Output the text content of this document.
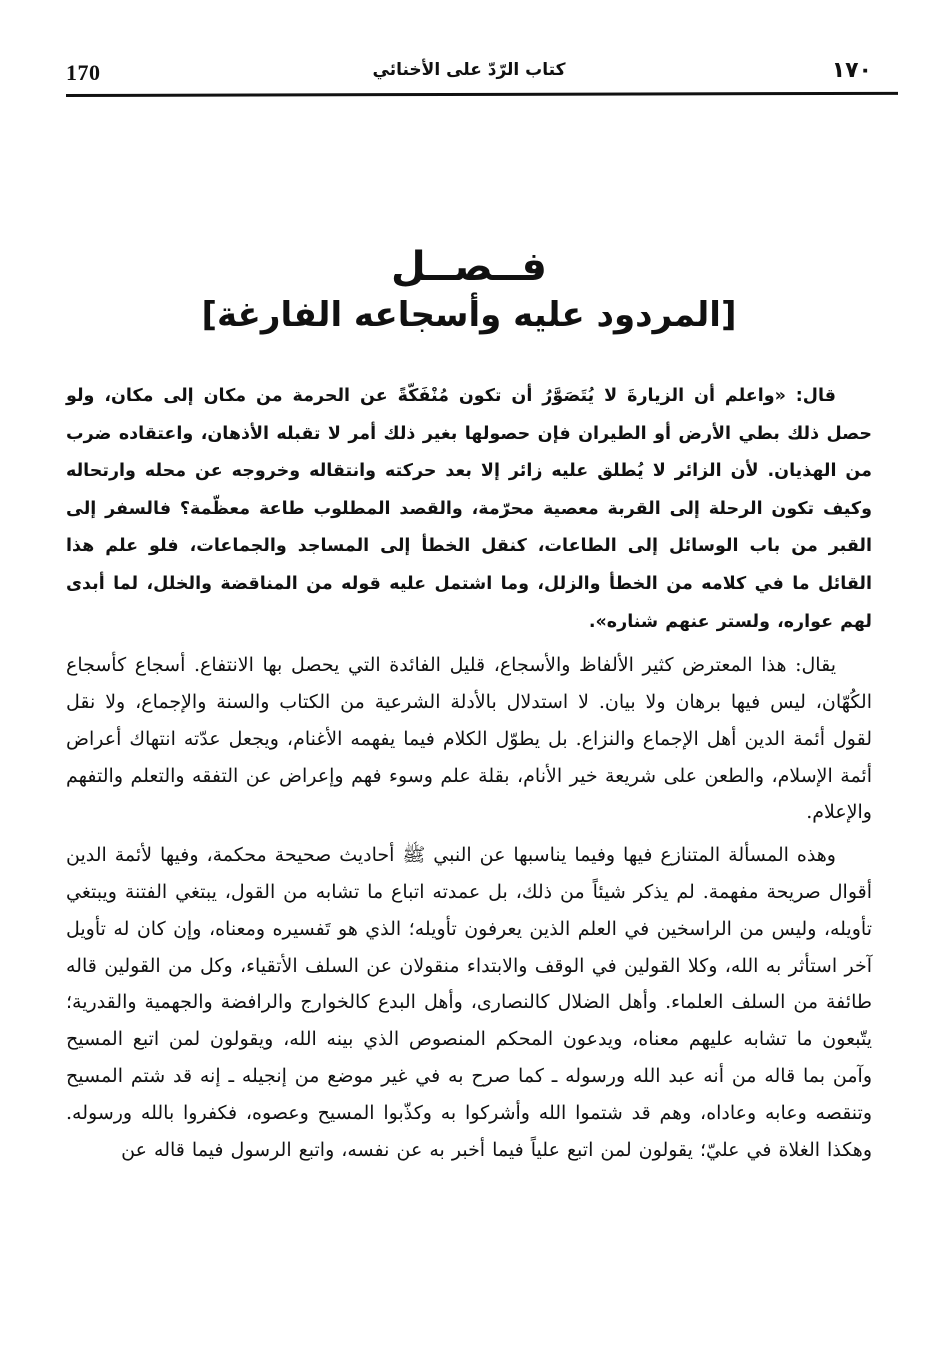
170	كتاب الرّدّ على الأخنائي	١٧٠
فــصــل
[المردود عليه وأسجاعه الفارغة]

قال: «واعلم أن الزيارةَ لا يُتَصَوَّرُ أن تكون مُنْفَكّةً عن الحرمة من مكان إلى مكان، ولو حصل ذلك بطي الأرض أو الطيران فإن حصولها بغير ذلك أمر لا تقبله الأذهان، واعتقاده ضرب من الهذيان. لأن الزائر لا يُطلق عليه زائر إلا بعد حركته وانتقاله وخروجه عن محله وارتحاله وكيف تكون الرحلة إلى القربة معصية محرّمة، والقصد المطلوب طاعة معظّمة؟ فالسفر إلى القبر من باب الوسائل إلى الطاعات، كنقل الخطأ إلى المساجد والجماعات، فلو علم هذا القائل ما في كلامه من الخطأ والزلل، وما اشتمل عليه قوله من المناقضة والخلل، لما أبدى لهم عواره، ولستر عنهم شناره».

يقال: هذا المعترض كثير الألفاظ والأسجاع، قليل الفائدة التي يحصل بها الانتفاع. أسجاع كأسجاع الكُهّان، ليس فيها برهان ولا بيان. لا استدلال بالأدلة الشرعية من الكتاب والسنة والإجماع، ولا نقل لقول أئمة الدين أهل الإجماع والنزاع. بل يطوّل الكلام فيما يفهمه الأغنام، ويجعل عدّته انتهاك أعراض أئمة الإسلام، والطعن على شريعة خير الأنام، بقلة علم وسوء فهم وإعراض عن التفقه والتعلم والتفهم والإعلام.

وهذه المسألة المتنازع فيها وفيما يناسبها عن النبي ﷺ أحاديث صحيحة محكمة، وفيها لأئمة الدين أقوال صريحة مفهمة. لم يذكر شيئاً من ذلك، بل عمدته اتباع ما تشابه من القول، يبتغي الفتنة ويبتغي تأويله، وليس من الراسخين في العلم الذين يعرفون تأويله؛ الذي هو تَفسيره ومعناه، وإن كان له تأويل آخر استأثر به الله، وكلا القولين في الوقف والابتداء منقولان عن السلف الأتقياء، وكل من القولين قاله طائفة من السلف العلماء. وأهل الضلال كالنصارى، وأهل البدع كالخوارج والرافضة والجهمية والقدرية؛ يتّبعون ما تشابه عليهم معناه، ويدعون المحكم المنصوص الذي بينه الله، ويقولون لمن اتبع المسيح وآمن بما قاله من أنه عبد الله ورسوله ـ كما صرح به في غير موضع من إنجيله ـ إنه قد شتم المسيح وتنقصه وعابه وعاداه، وهم قد شتموا الله وأشركوا به وكذّبوا المسيح وعصوه، فكفروا بالله ورسوله. وهكذا الغلاة في عليّ؛ يقولون لمن اتبع علياً فيما أخبر به عن نفسه، واتبع الرسول فيما قاله عن
